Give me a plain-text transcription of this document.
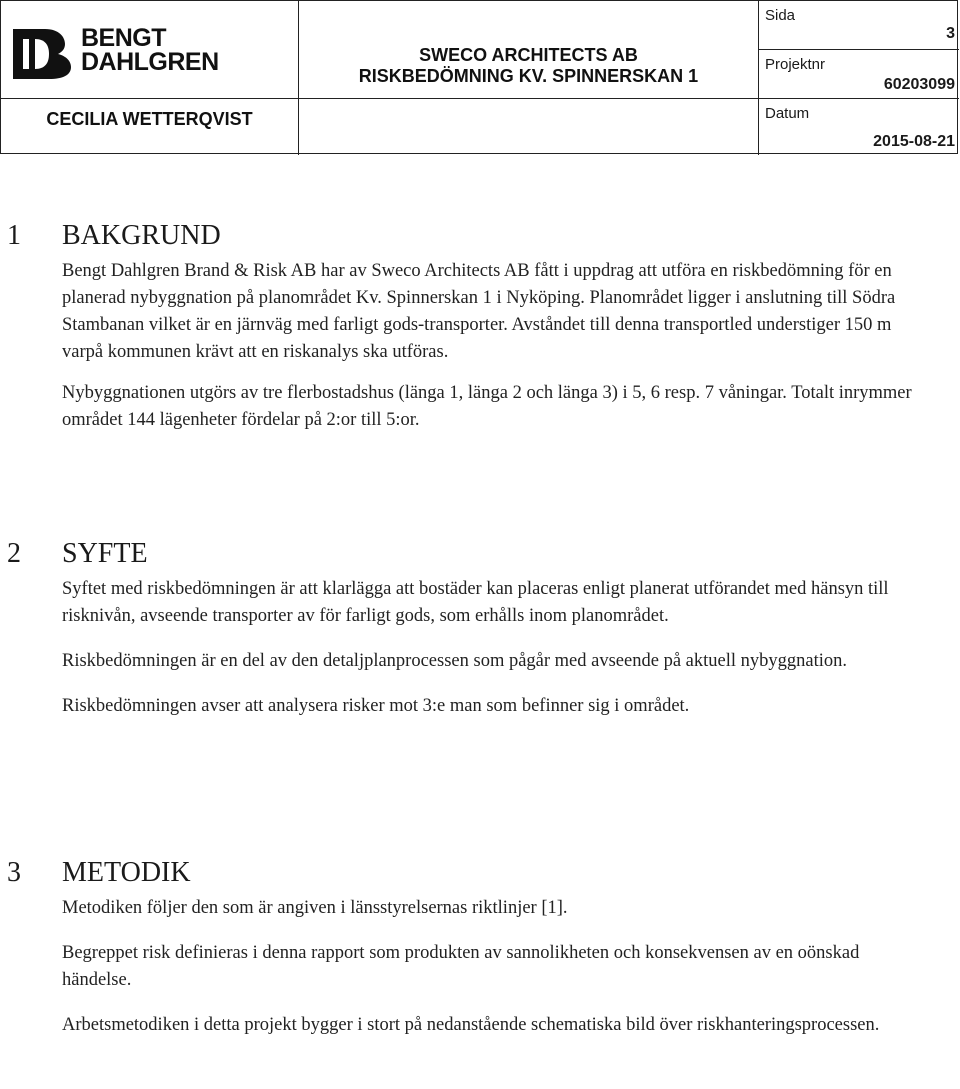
BENGT
DAHLGREN	SWECO ARCHITECTS AB
RISKBEDÖMNING KV. SPINNERSKAN 1
CECILIA WETTERQVIST
Sida
3
Projektnr
60203099
Datum
2015-08-21
1 BAKGRUND

Bengt Dahlgren Brand & Risk AB har av Sweco Architects AB fått i uppdrag att utföra en riskbedömning för en planerad nybyggnation på planområdet Kv. Spinnerskan 1 i Nyköping. Planområdet ligger i anslutning till Södra Stambanan vilket är en järnväg med farligt gods-transporter. Avståndet till denna transportled understiger 150 m varpå kommunen krävt att en riskanalys ska utföras.

Nybyggnationen utgörs av tre flerbostadshus (länga 1, länga 2 och länga 3) i 5, 6 resp. 7 våningar. Totalt inrymmer området 144 lägenheter fördelar på 2:or till 5:or.

2 SYFTE

Syftet med riskbedömningen är att klarlägga att bostäder kan placeras enligt planerat utförandet med hänsyn till risknivån, avseende transporter av för farligt gods, som erhålls inom planområdet.

Riskbedömningen är en del av den detaljplanprocessen som pågår med avseende på aktuell nybyggnation.

Riskbedömningen avser att analysera risker mot 3:e man som befinner sig i området.

3 METODIK

Metodiken följer den som är angiven i länsstyrelsernas riktlinjer [1].

Begreppet risk definieras i denna rapport som produkten av sannolikheten och konsekvensen av en oönskad händelse.

Arbetsmetodiken i detta projekt bygger i stort på nedanstående schematiska bild över riskhanteringsprocessen.
